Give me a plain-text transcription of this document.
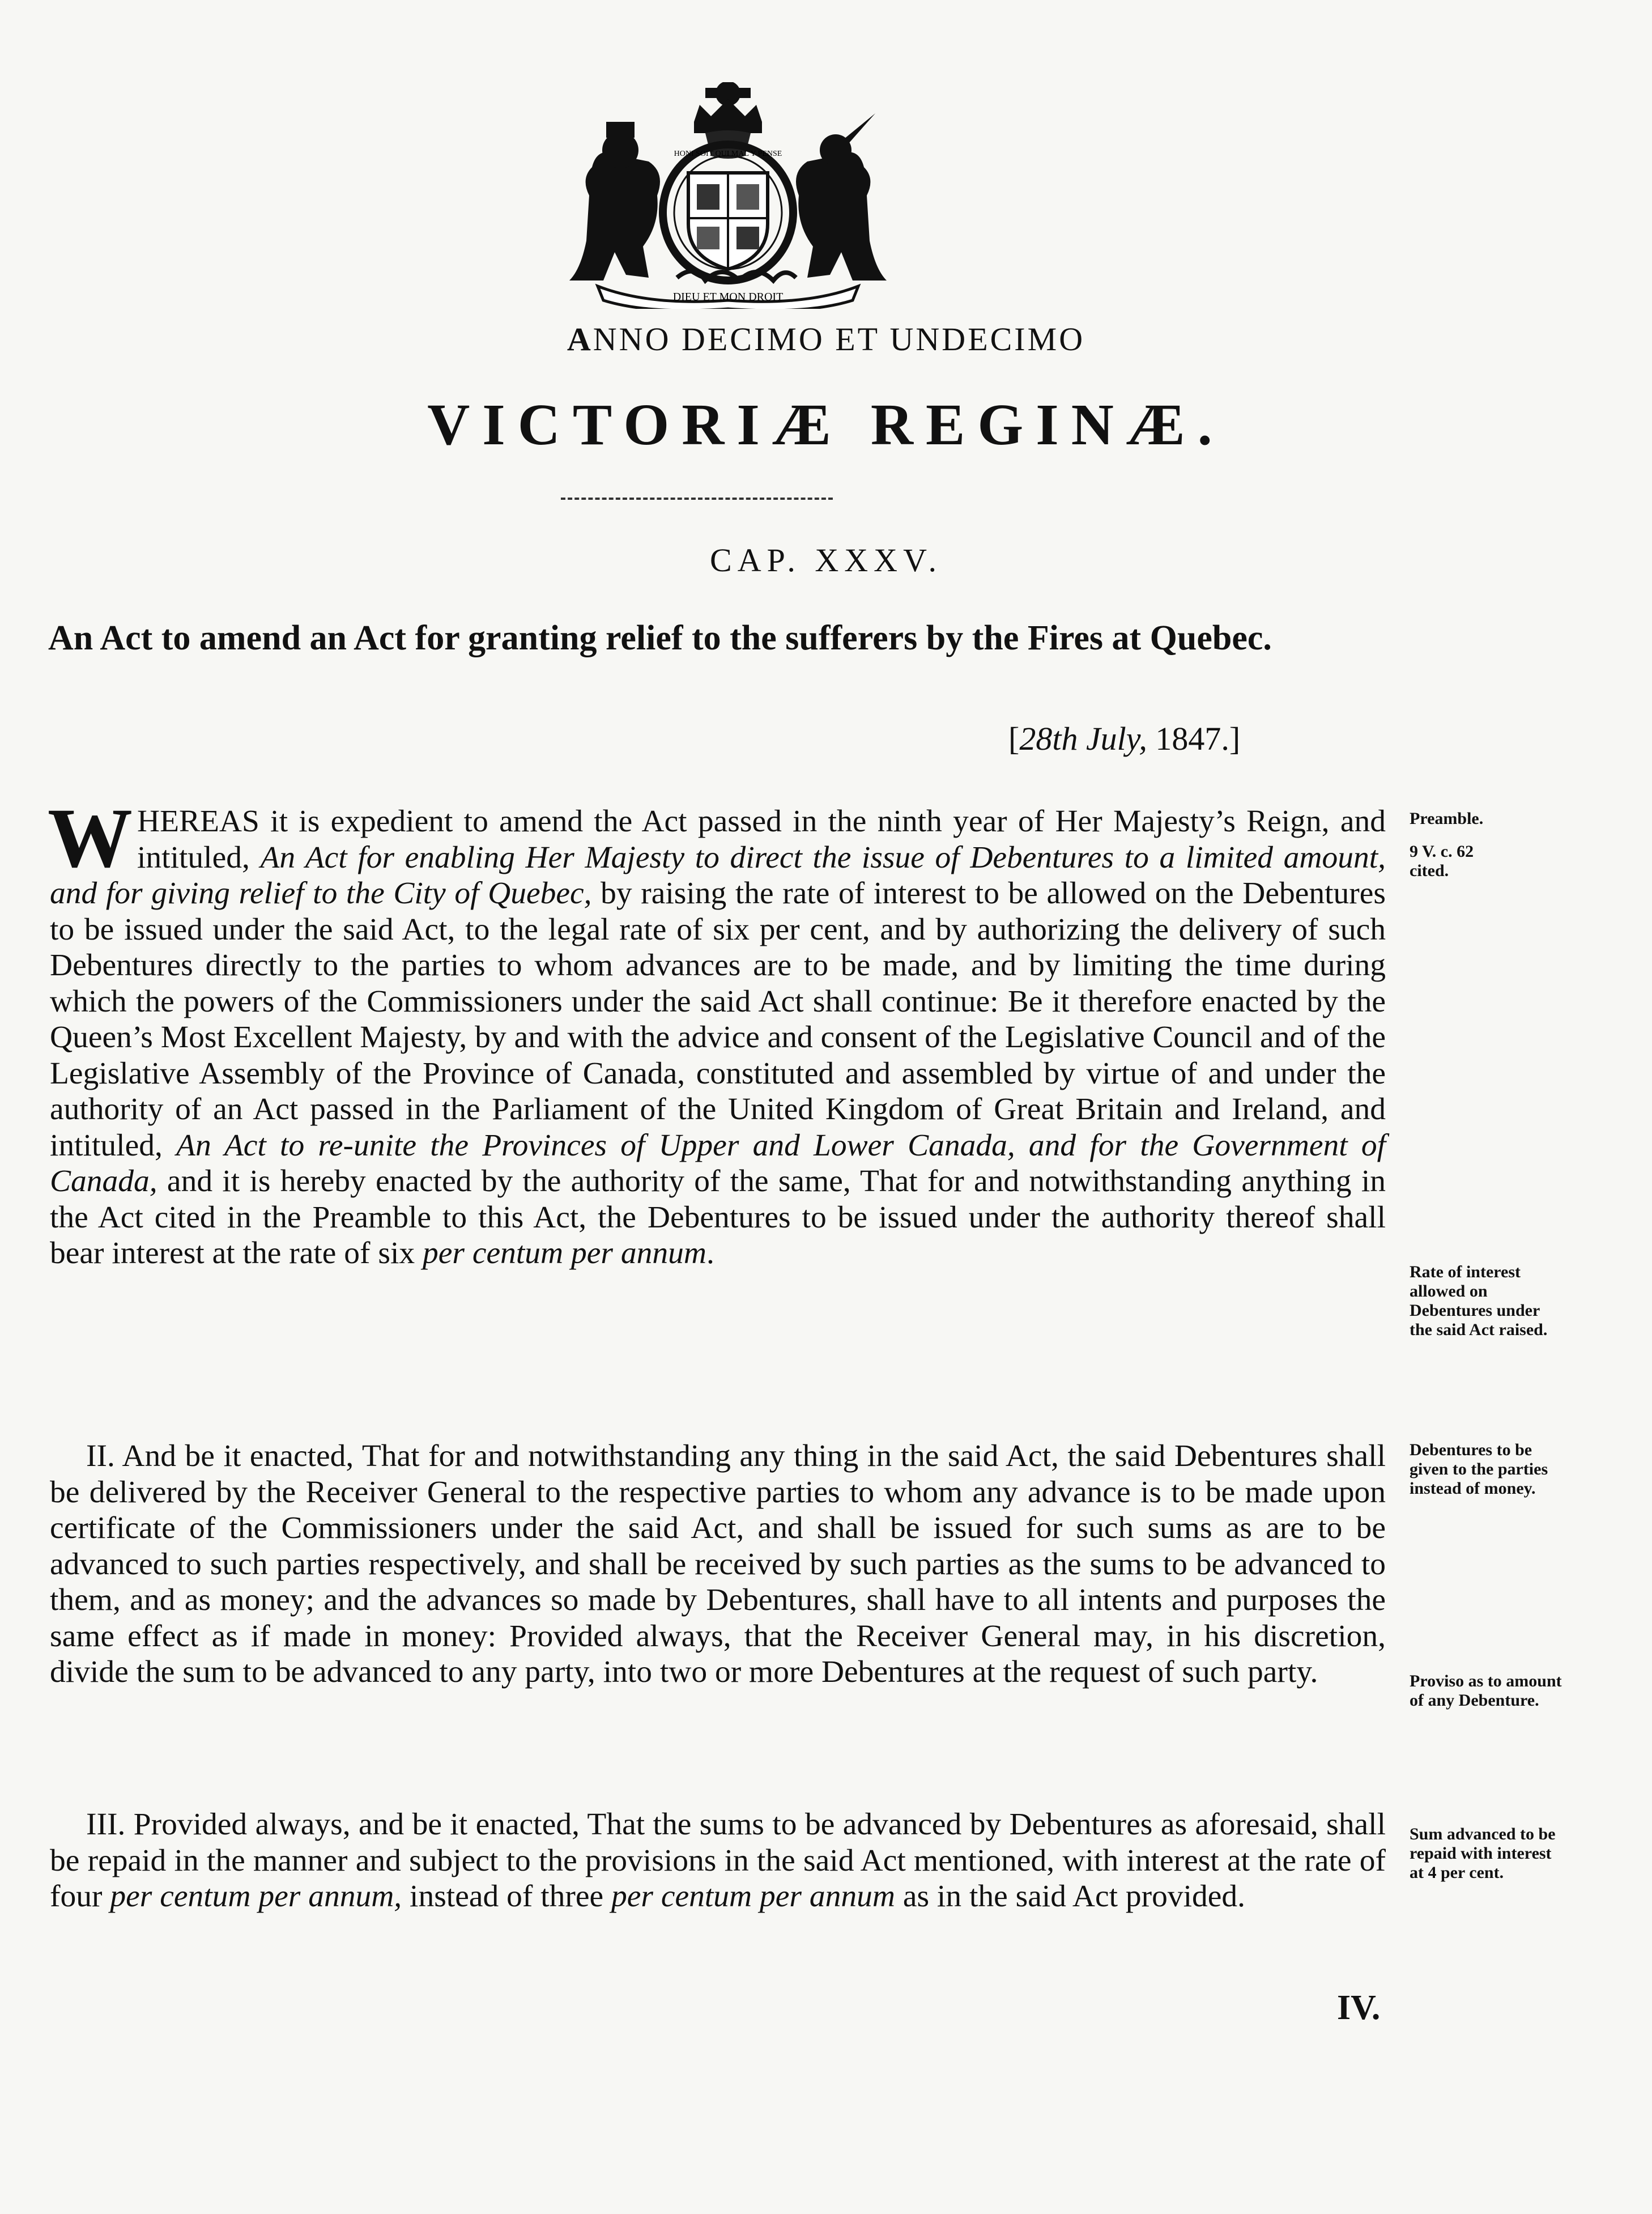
HONI SOIT QUI MAL Y PENSE
DIEU ET MON DROIT
ANNO DECIMO ET UNDECIMO
VICTORIÆ REGINÆ.
CAP. XXXV.
An Act to amend an Act for granting relief to the sufferers by the Fires at Quebec.
[28th July, 1847.]
WHEREAS it is expedient to amend the Act passed in the ninth year of Her Majesty’s Reign, and intituled, An Act for enabling Her Majesty to direct the issue of Debentures to a limited amount, and for giving relief to the City of Quebec, by raising the rate of interest to be allowed on the Debentures to be issued under the said Act, to the legal rate of six per cent, and by authorizing the delivery of such Debentures directly to the parties to whom advances are to be made, and by limiting the time during which the powers of the Commissioners under the said Act shall continue: Be it therefore enacted by the Queen’s Most Excellent Majesty, by and with the advice and consent of the Legislative Council and of the Legislative Assembly of the Province of Canada, constituted and assembled by virtue of and under the authority of an Act passed in the Parliament of the United Kingdom of Great Britain and Ireland, and intituled, An Act to re-unite the Provinces of Upper and Lower Canada, and for the Government of Canada, and it is hereby enacted by the authority of the same, That for and notwithstanding anything in the Act cited in the Preamble to this Act, the Debentures to be issued under the authority thereof shall bear interest at the rate of six per centum per annum.
II. And be it enacted, That for and notwithstanding any thing in the said Act, the said Debentures shall be delivered by the Receiver General to the respective parties to whom any advance is to be made upon certificate of the Commissioners under the said Act, and shall be issued for such sums as are to be advanced to such parties respectively, and shall be received by such parties as the sums to be advanced to them, and as money; and the advances so made by Debentures, shall have to all intents and purposes the same effect as if made in money: Provided always, that the Receiver General may, in his discretion, divide the sum to be advanced to any party, into two or more Debentures at the request of such party.
III. Provided always, and be it enacted, That the sums to be advanced by Debentures as aforesaid, shall be repaid in the manner and subject to the provisions in the said Act mentioned, with interest at the rate of four per centum per annum, instead of three per centum per annum as in the said Act provided.
Preamble.
9 V. c. 62 cited.
Rate of interest allowed on Debentures under the said Act raised.
Debentures to be given to the parties instead of money.
Proviso as to amount of any Debenture.
Sum advanced to be repaid with interest at 4 per cent.
IV.
